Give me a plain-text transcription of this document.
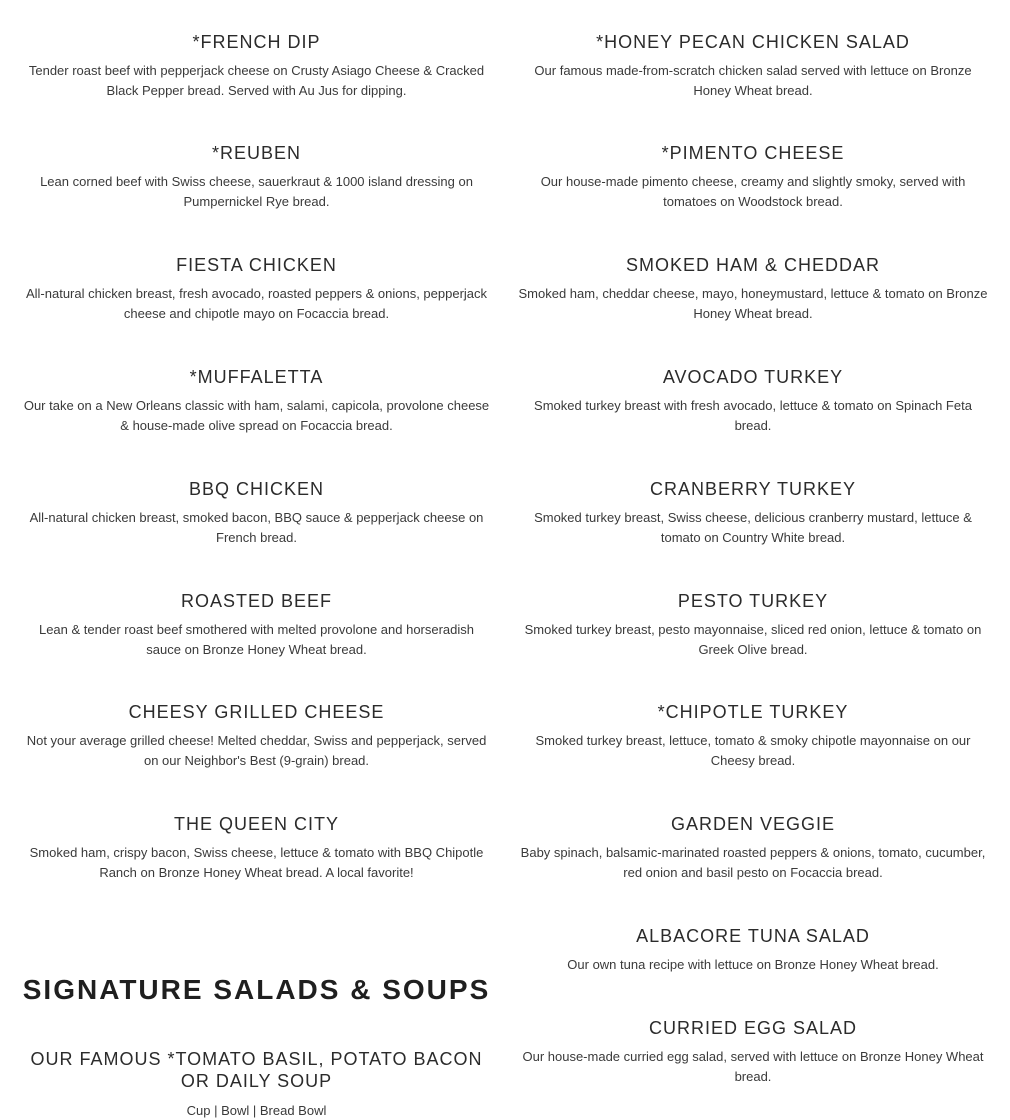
*FRENCH DIP

Tender roast beef with pepperjack cheese on Crusty Asiago Cheese & Cracked Black Pepper bread. Served with Au Jus for dipping.

*REUBEN

Lean corned beef with Swiss cheese, sauerkraut & 1000 island dressing on Pumpernickel Rye bread.

FIESTA CHICKEN

All-natural chicken breast, fresh avocado, roasted peppers & onions, pepperjack cheese and chipotle mayo on Focaccia bread.

*MUFFALETTA

Our take on a New Orleans classic with ham, salami, capicola, provolone cheese & house-made olive spread on Focaccia bread.

BBQ CHICKEN

All-natural chicken breast, smoked bacon, BBQ sauce & pepperjack cheese on French bread.

ROASTED BEEF

Lean & tender roast beef smothered with melted provolone and horseradish sauce on Bronze Honey Wheat bread.

CHEESY GRILLED CHEESE

Not your average grilled cheese! Melted cheddar, Swiss and pepperjack, served on our Neighbor's Best (9-grain) bread.

THE QUEEN CITY

Smoked ham, crispy bacon, Swiss cheese, lettuce & tomato with BBQ Chipotle Ranch on Bronze Honey Wheat bread. A local favorite!

SIGNATURE SALADS & SOUPS
OUR FAMOUS *TOMATO BASIL, POTATO BACON OR DAILY SOUP

Cup | Bowl | Bread Bowl

*HONEY PECAN CHICKEN SALAD

Our famous made-from-scratch chicken salad served with lettuce on Bronze Honey Wheat bread.

*PIMENTO CHEESE

Our house-made pimento cheese, creamy and slightly smoky, served with tomatoes on Woodstock bread.

SMOKED HAM & CHEDDAR

Smoked ham, cheddar cheese, mayo, honeymustard, lettuce & tomato on Bronze Honey Wheat bread.

AVOCADO TURKEY

Smoked turkey breast with fresh avocado, lettuce & tomato on Spinach Feta bread.

CRANBERRY TURKEY

Smoked turkey breast, Swiss cheese, delicious cranberry mustard, lettuce & tomato on Country White bread.

PESTO TURKEY

Smoked turkey breast, pesto mayonnaise, sliced red onion, lettuce & tomato on Greek Olive bread.

*CHIPOTLE TURKEY

Smoked turkey breast, lettuce, tomato & smoky chipotle mayonnaise on our Cheesy bread.

GARDEN VEGGIE

Baby spinach, balsamic-marinated roasted peppers & onions, tomato, cucumber, red onion and basil pesto on Focaccia bread.

ALBACORE TUNA SALAD

Our own tuna recipe with lettuce on Bronze Honey Wheat bread.

CURRIED EGG SALAD

Our house-made curried egg salad, served with lettuce on Bronze Honey Wheat bread.
